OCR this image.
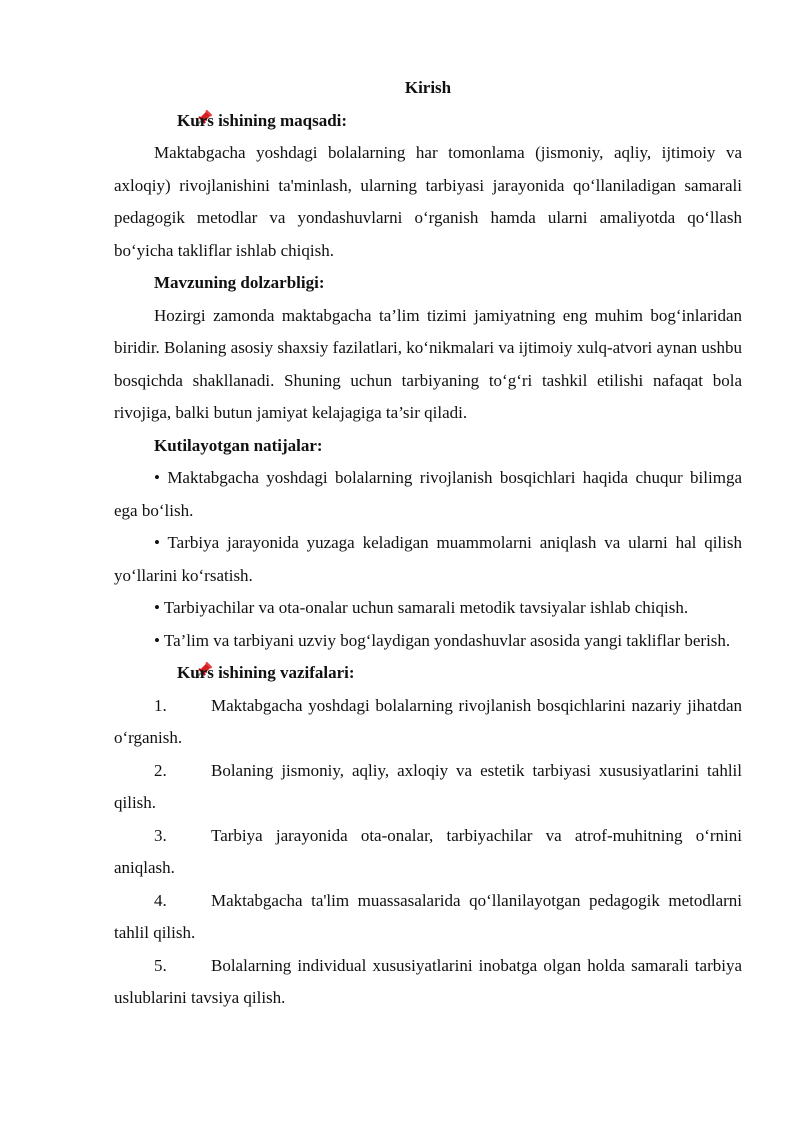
Kirish

Kurs ishining maqsadi:

Maktabgacha yoshdagi bolalarning har tomonlama (jismoniy, aqliy, ijtimoiy va axloqiy) rivojlanishini ta'minlash, ularning tarbiyasi jarayonida qo‘llaniladigan samarali pedagogik metodlar va yondashuvlarni o‘rganish hamda ularni amaliyotda qo‘llash bo‘yicha takliflar ishlab chiqish.

Mavzuning dolzarbligi:

Hozirgi zamonda maktabgacha ta’lim tizimi jamiyatning eng muhim bog‘inlaridan biridir. Bolaning asosiy shaxsiy fazilatlari, ko‘nikmalari va ijtimoiy xulq-atvori aynan ushbu bosqichda shakllanadi. Shuning uchun tarbiyaning to‘g‘ri tashkil etilishi nafaqat bola rivojiga, balki butun jamiyat kelajagiga ta’sir qiladi.

Kutilayotgan natijalar:

• Maktabgacha yoshdagi bolalarning rivojlanish bosqichlari haqida chuqur bilimga ega bo‘lish.

• Tarbiya jarayonida yuzaga keladigan muammolarni aniqlash va ularni hal qilish yo‘llarini ko‘rsatish.

• Tarbiyachilar va ota-onalar uchun samarali metodik tavsiyalar ishlab chiqish.

• Ta’lim va tarbiyani uzviy bog‘laydigan yondashuvlar asosida yangi takliflar berish.

Kurs ishining vazifalari:

1.	Maktabgacha yoshdagi bolalarning rivojlanish bosqichlarini nazariy jihatdan o‘rganish.

2.	Bolaning jismoniy, aqliy, axloqiy va estetik tarbiyasi xususiyatlarini tahlil qilish.

3.	Tarbiya jarayonida ota-onalar, tarbiyachilar va atrof-muhitning o‘rnini aniqlash.

4.	Maktabgacha ta'lim muassasalarida qo‘llanilayotgan pedagogik metodlarni tahlil qilish.

5.	Bolalarning individual xususiyatlarini inobatga olgan holda samarali tarbiya uslublarini tavsiya qilish.
